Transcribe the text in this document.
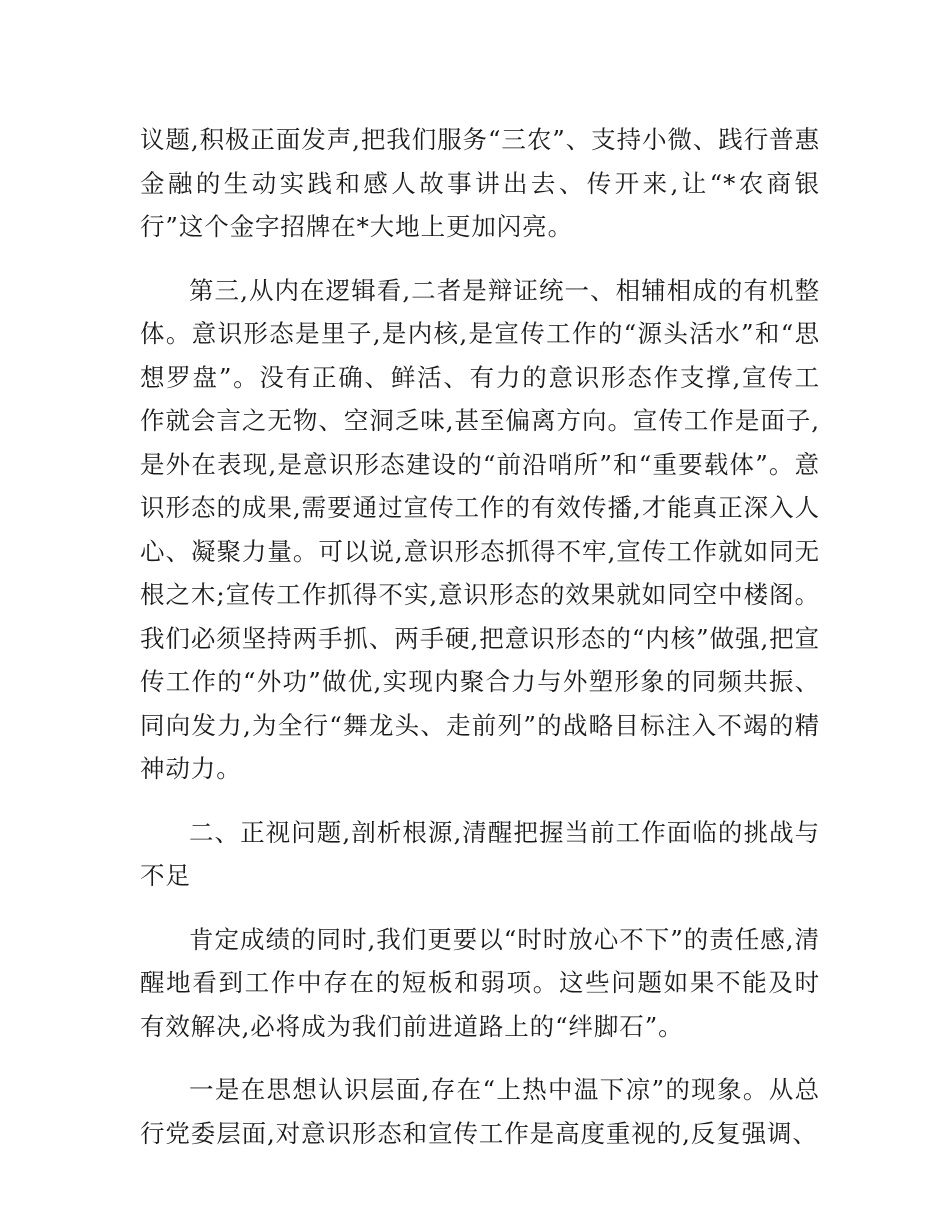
议题,积极正面发声,把我们服务“三农”、支持小微、践行普惠金融的生动实践和感人故事讲出去、传开来,让“*农商银行”这个金字招牌在*大地上更加闪亮。

第三,从内在逻辑看,二者是辩证统一、相辅相成的有机整体。意识形态是里子,是内核,是宣传工作的“源头活水”和“思想罗盘”。没有正确、鲜活、有力的意识形态作支撑,宣传工作就会言之无物、空洞乏味,甚至偏离方向。宣传工作是面子,是外在表现,是意识形态建设的“前沿哨所”和“重要载体”。意识形态的成果,需要通过宣传工作的有效传播,才能真正深入人心、凝聚力量。可以说,意识形态抓得不牢,宣传工作就如同无根之木;宣传工作抓得不实,意识形态的效果就如同空中楼阁。我们必须坚持两手抓、两手硬,把意识形态的“内核”做强,把宣传工作的“外功”做优,实现内聚合力与外塑形象的同频共振、同向发力,为全行“舞龙头、走前列”的战略目标注入不竭的精神动力。

二、正视问题,剖析根源,清醒把握当前工作面临的挑战与不足

肯定成绩的同时,我们更要以“时时放心不下”的责任感,清醒地看到工作中存在的短板和弱项。这些问题如果不能及时有效解决,必将成为我们前进道路上的“绊脚石”。

一是在思想认识层面,存在“上热中温下凉”的现象。从总行党委层面,对意识形态和宣传工作是高度重视的,反复强调、
